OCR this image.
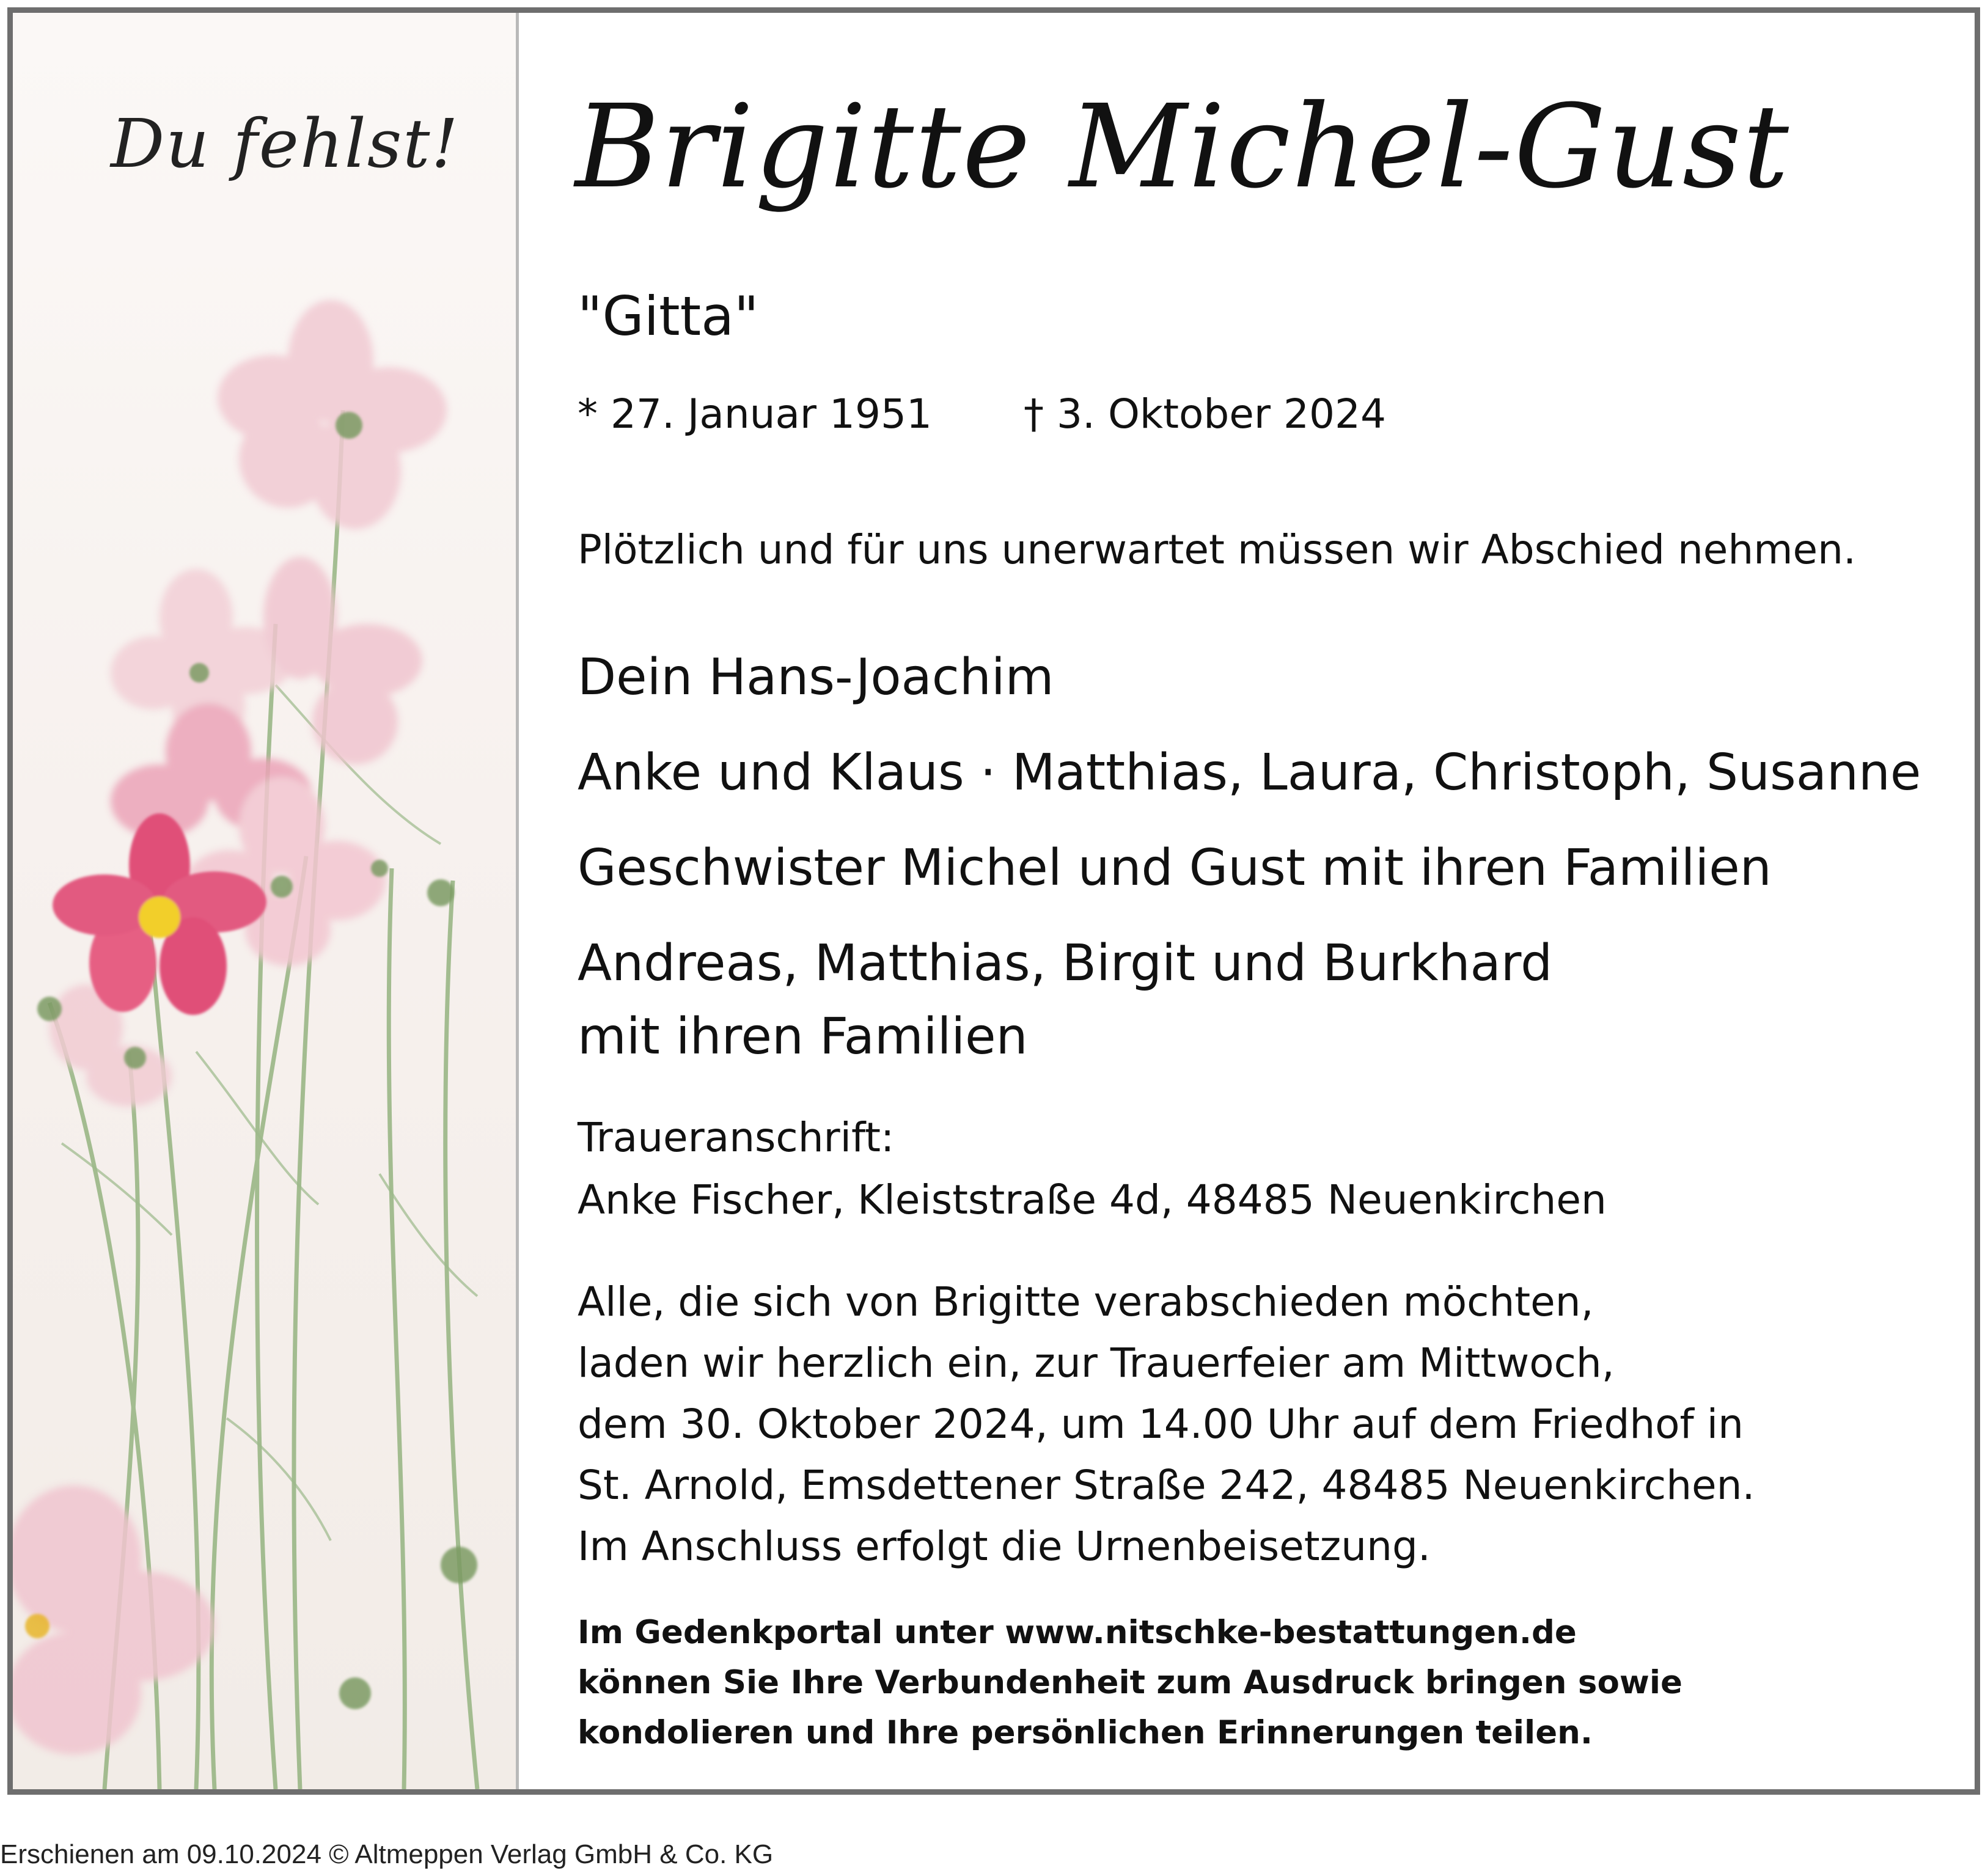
Du fehlst! Brigitte Michel-Gust
"Gitta"
* 27. Januar 1951 † 3. Oktober 2024
Plötzlich und für uns unerwartet müssen wir Abschied nehmen.
Dein Hans-Joachim
Anke und Klaus · Matthias, Laura, Christoph, Susanne
Geschwister Michel und Gust mit ihren Familien
Andreas, Matthias, Birgit und Burkhard
mit ihren Familien
Traueranschrift:
Anke Fischer, Kleiststraße 4d, 48485 Neuenkirchen
Alle, die sich von Brigitte verabschieden möchten,
laden wir herzlich ein, zur Trauerfeier am Mittwoch,
dem 30. Oktober 2024, um 14.00 Uhr auf dem Friedhof in
St. Arnold, Emsdettener Straße 242, 48485 Neuenkirchen.
Im Anschluss erfolgt die Urnenbeisetzung.
Im Gedenkportal unter www.nitschke-bestattungen.de
können Sie Ihre Verbundenheit zum Ausdruck bringen sowie
kondolieren und Ihre persönlichen Erinnerungen teilen.
Erschienen am 09.10.2024 © Altmeppen Verlag GmbH & Co. KG
